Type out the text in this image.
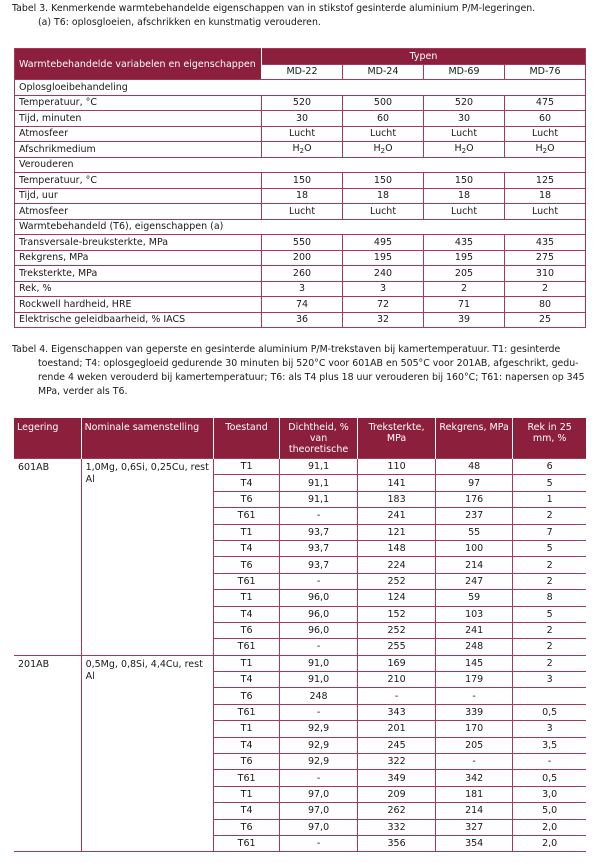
Tabel 3. Kenmerkende warmtebehandelde eigenschappen van in stikstof gesinterde aluminium P/M-legeringen.
(a) T6: oplosgloeien, afschrikken en kunstmatig verouderen.
Warmtebehandelde variabelen en eigenschappen	Typen			
	MD-22	MD-24	MD-69	MD-76
Oplosgloeibehandeling				
Temperatuur, °C	520	500	520	475
Tijd, minuten	30	60	30	60
Atmosfeer	Lucht	Lucht	Lucht	Lucht
Afschrikmedium	$H_2O$	$H_2O$	$H_2O$	$H_2O$
Verouderen				
Temperatuur, °C	150	150	150	125
Tijd, uur	18	18	18	18
Atmosfeer	Lucht	Lucht	Lucht	Lucht
Warmtebehandeld (T6), eigenschappen (a)				
Transversale-breuksterkte, MPa	550	495	435	435
Rekgrens, MPa	200	195	195	275
Treksterkte, MPa	260	240	205	310
Rek, %	3	3	2	2
Rockwell hardheid, HRE	74	72	71	80
Elektrische geleidbaarheid, % IACS	36	32	39	25
Tabel 4. Eigenschappen van geperste en gesinterde aluminium P/M-trekstaven bij kamertemperatuur. T1: gesinterde
toestand; T4: oplosgegloeid gedurende 30 minuten bij 520°C voor 601AB en 505°C voor 201AB, afgeschrikt, gedu-
rende 4 weken verouderd bij kamertemperatuur; T6: als T4 plus 18 uur verouderen bij 160°C; T61: napersen op 345
MPa, verder als T6.
Legering	Nominale samenstelling	Toestand	Dichtheid, % van theoretische	Treksterkte, MPa	Rekgrens, MPa	Rek in 25 mm, %
601AB	1,0Mg, 0,6Si, 0,25Cu, rest Al	T1	91,1	110	48	6
		T4	91,1	141	97	5
		T6	91,1	183	176	1
		T61	-	241	237	2
		T1	93,7	121	55	7
		T4	93,7	148	100	5
		T6	93,7	224	214	2
		T61	-	252	247	2
		T1	96,0	124	59	8
		T4	96,0	152	103	5
		T6	96,0	252	241	2
		T61	-	255	248	2
201AB	0,5Mg, 0,8Si, 4,4Cu, rest Al	T1	91,0	169	145	2
		T4	91,0	210	179	3
		T6	248	-	-	
		T61	-	343	339	0,5
		T1	92,9	201	170	3
		T4	92,9	245	205	3,5
		T6	92,9	322	-	-
		T61	-	349	342	0,5
		T1	97,0	209	181	3,0
		T4	97,0	262	214	5,0
		T6	97,0	332	327	2,0
		T61	-	356	354	2,0
